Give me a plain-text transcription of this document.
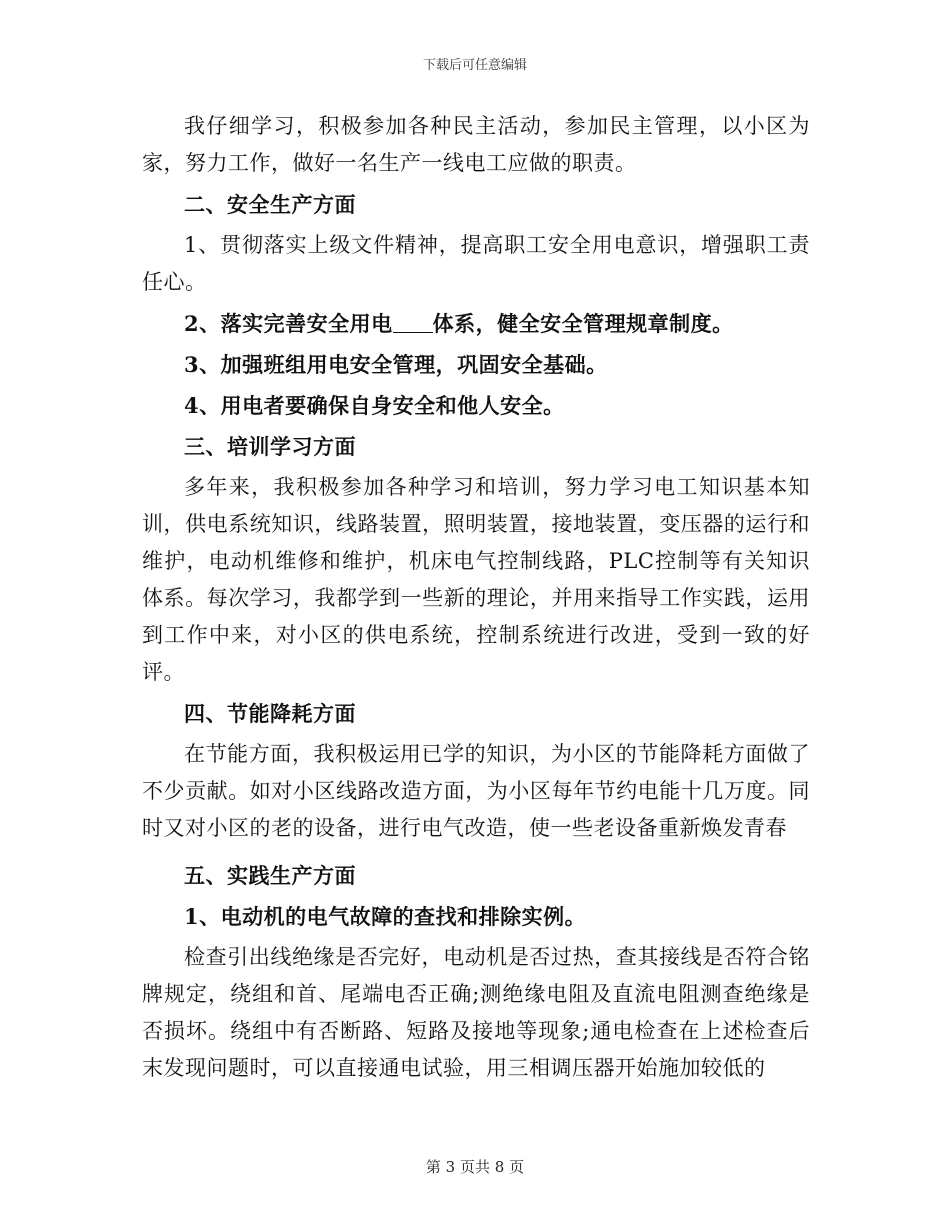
下载后可任意编辑

我仔细学习，积极参加各种民主活动，参加民主管理，以小区为家，努力工作，做好一名生产一线电工应做的职责。

二、安全生产方面

1、贯彻落实上级文件精神，提高职工安全用电意识，增强职工责任心。

2、落实完善安全用电 体系，健全安全管理规章制度。

3、加强班组用电安全管理，巩固安全基础。

4、用电者要确保自身安全和他人安全。

三、培训学习方面

多年来，我积极参加各种学习和培训，努力学习电工知识基本知训，供电系统知识，线路装置，照明装置，接地装置，变压器的运行和维护，电动机维修和维护，机床电气控制线路，PLC控制等有关知识体系。每次学习，我都学到一些新的理论，并用来指导工作实践，运用到工作中来，对小区的供电系统，控制系统进行改进，受到一致的好评。

四、节能降耗方面

在节能方面，我积极运用已学的知识，为小区的节能降耗方面做了不少贡献。如对小区线路改造方面，为小区每年节约电能十几万度。同时又对小区的老的设备，进行电气改造，使一些老设备重新焕发青春

五、实践生产方面

1、电动机的电气故障的查找和排除实例。

检查引出线绝缘是否完好，电动机是否过热，查其接线是否符合铭牌规定，绕组和首、尾端电否正确;测绝缘电阻及直流电阻测查绝缘是否损坏。绕组中有否断路、短路及接地等现象;通电检查在上述检查后末发现问题时，可以直接通电试验，用三相调压器开始施加较低的

第 3 页共 8 页
